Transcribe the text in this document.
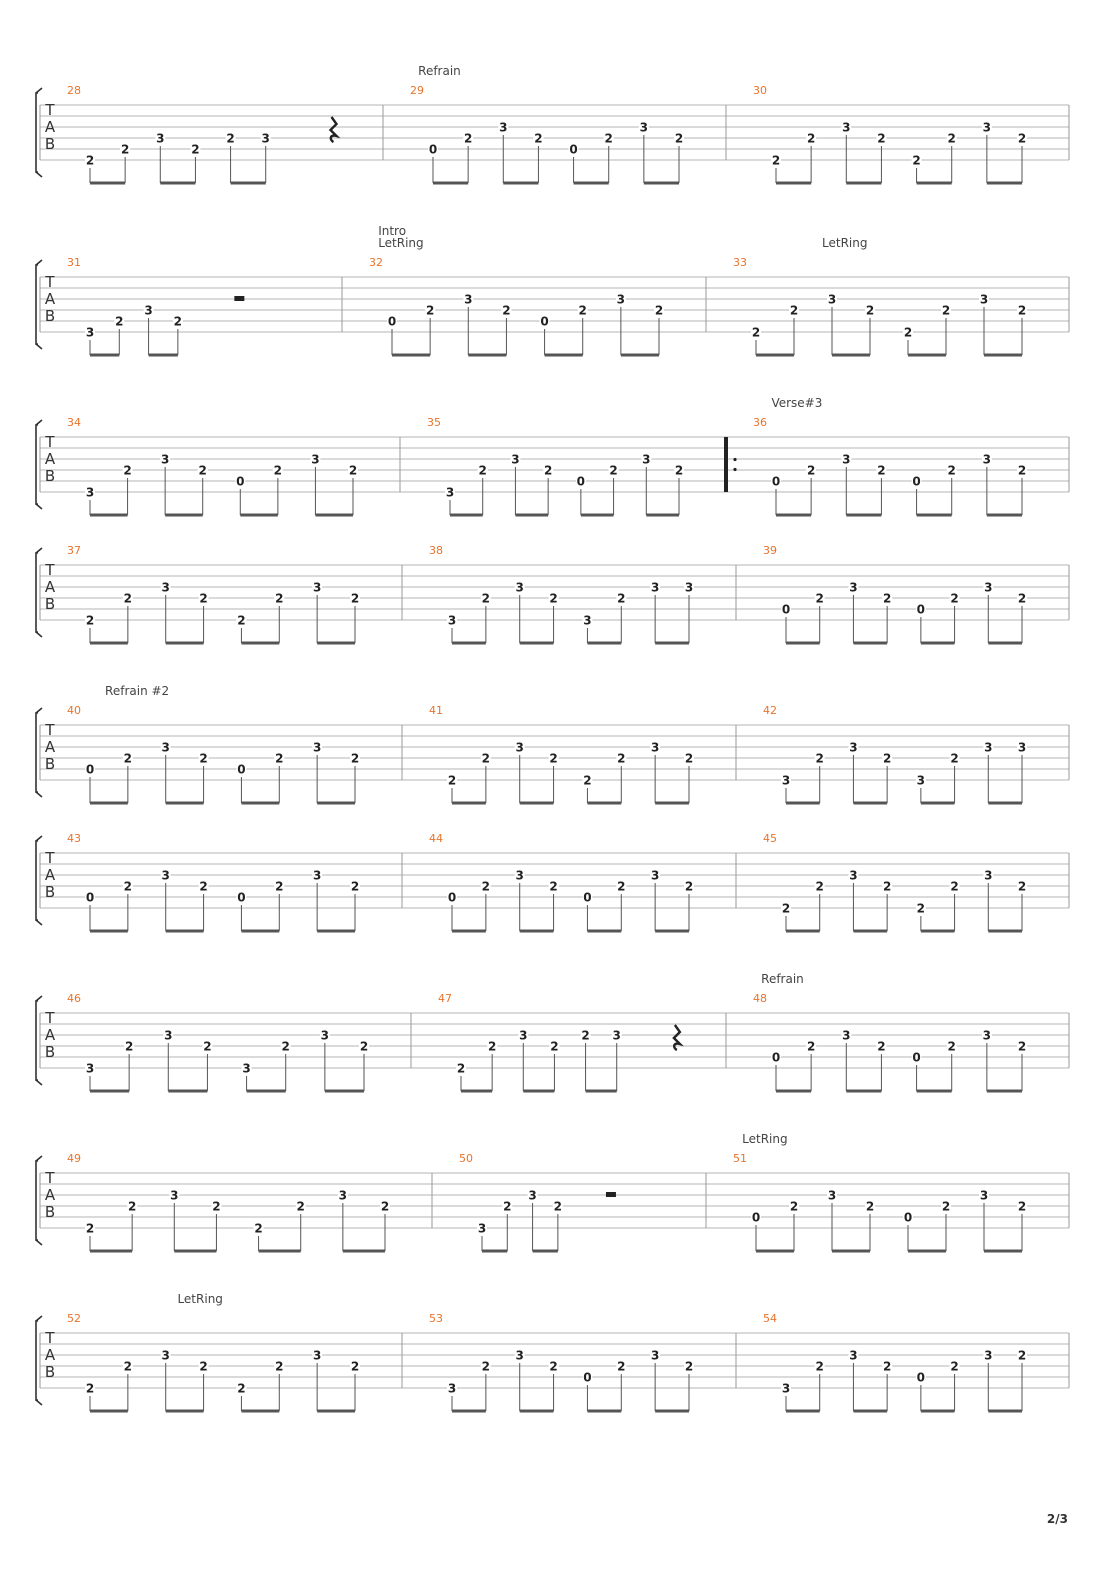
T
A
B
Refrain
28
2
2
3
2
2 3
29
0
2
3
2
0
2
3
2
30
2
2
3
2
2
2
3
2
T
A
B
Intro
LetRing	LetRing
31
3
2
3
2
32
0
2
3
2
0
2
3
2
33
2
2
3
2
2
2
3
2
T
A
B
Verse#3
34
3
2
3
2
0
2
3
2
35
3
2
3
2
0
2
3
2
36
0
2
3
2
0
2
3
2
T
A
B
37
2
2
3
2
2
2
3
2
38
3
2
3
2
3
2
3 3
39
0
2
3
2
0
2
3
2
T
A
B
Refrain #2
40
0
2
3
2
0
2
3
2
41
2
2
3
2
2
2
3
2
42
3
2
3
2
3
2
3 3
T
A
B
43
0
2
3
2
0
2
3
2
44
0
2
3
2
0
2
3
2
45
2
2
3
2
2
2
3
2
T
A
B
Refrain
46
3
2
3
2
3
2
3
2
47
2
2
3
2
2 3
48
0
2
3
2
0
2
3
2
T
A
B
LetRing
49
2
2
3
2
2
2
3
2
50
3
2
3
2
51
0
2
3
2
0
2
3
2
T
A
B
LetRing
52
2
2
3
2
2
2
3
2
53
3
2
3
2
0
2
3
2
54
3
2
3
2
0
2
3 2
2/3
